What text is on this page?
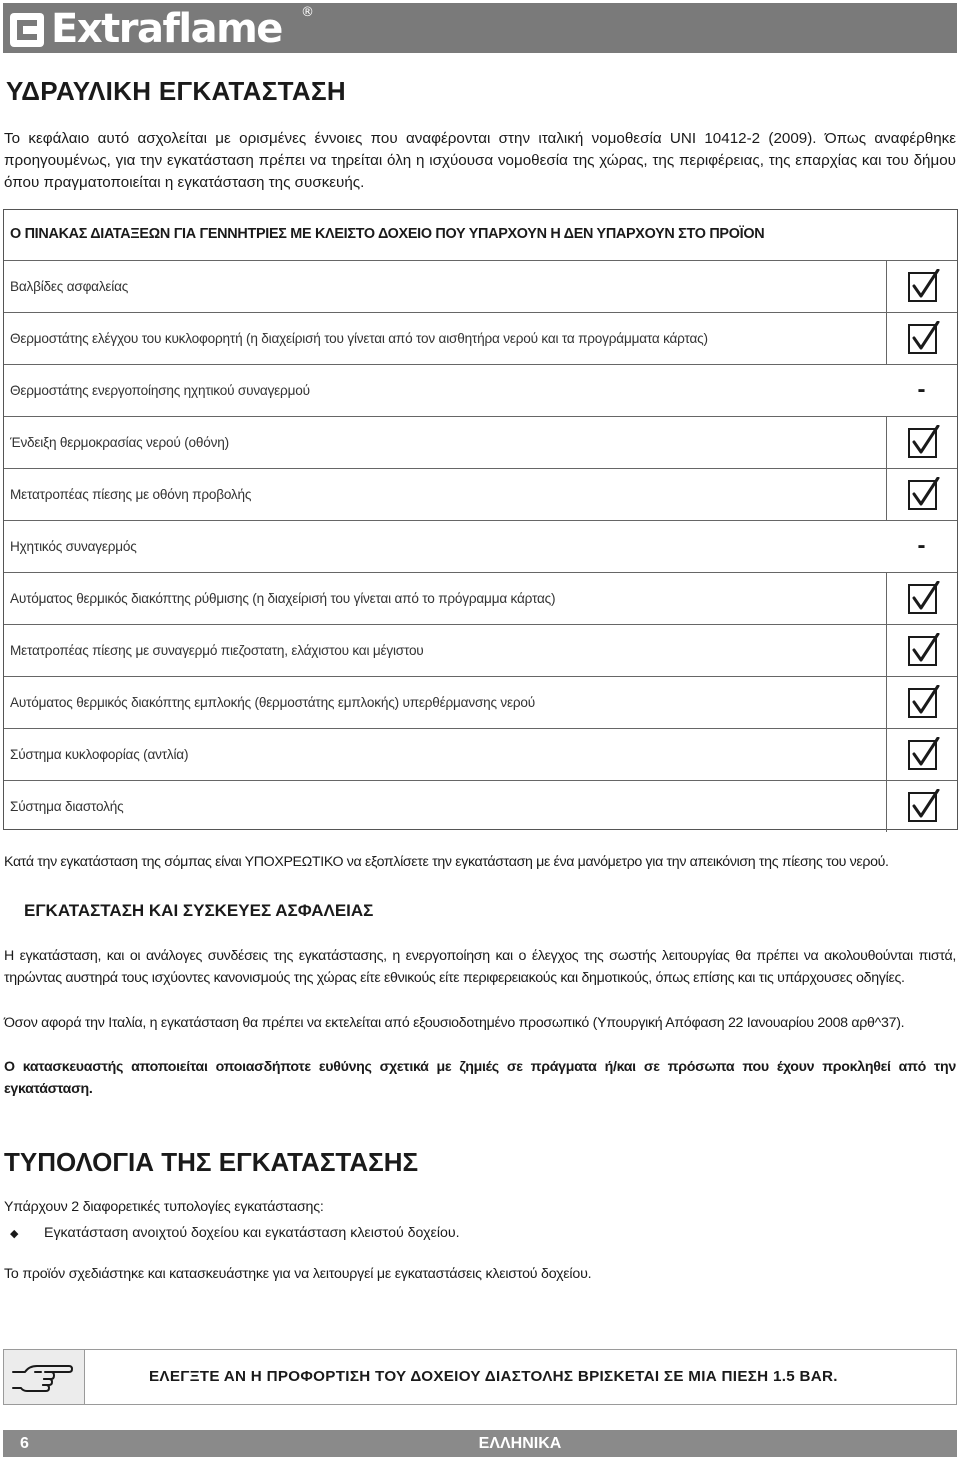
Extraflame ®
ΥΔΡΑΥΛΙΚΗ ΕΓΚΑΤΑΣΤΑΣΗ

Το κεφάλαιο αυτό ασχολείται με ορισμένες έννοιες που αναφέρονται στην ιταλική νομοθεσία UNI 10412-2 (2009). Όπως αναφέρθηκε προηγουμένως, για την εγκατάσταση πρέπει να τηρείται όλη η ισχύουσα νομοθεσία της χώρας, της περιφέρειας, της επαρχίας και του δήμου όπου πραγματοποιείται η εγκατάσταση της συσκευής.

Ο ΠΙΝΑΚΑΣ ΔΙΑΤΑΞΕΩΝ ΓΙΑ ΓΕΝΝΗΤΡΙΕΣ ΜΕ ΚΛΕΙΣΤΟ ΔΟΧΕΙΟ ΠΟΥ ΥΠΑΡΧΟΥΝ Η ΔΕΝ ΥΠΑΡΧΟΥΝ ΣΤΟ ΠΡΟΪΟΝ
Βαλβίδες ασφαλείας
Θερμοστάτης ελέγχου του κυκλοφορητή (η διαχείρισή του γίνεται από τον αισθητήρα νερού και τα προγράμματα κάρτας)
Θερμοστάτης ενεργοποίησης ηχητικού συναγερμού	-
Ένδειξη θερμοκρασίας νερού (οθόνη)
Μετατροπέας πίεσης με οθόνη προβολής
Ηχητικός συναγερμός	-
Αυτόματος θερμικός διακόπτης ρύθμισης (η διαχείρισή του γίνεται από το πρόγραμμα κάρτας)
Μετατροπέας πίεσης με συναγερμό πιεζοστατη, ελάχιστου και μέγιστου
Αυτόματος θερμικός διακόπτης εμπλοκής (θερμοστάτης εμπλοκής) υπερθέρμανσης νερού
Σύστημα κυκλοφορίας (αντλία)
Σύστημα διαστολής

Κατά την εγκατάσταση της σόμπας είναι ΥΠΟΧΡΕΩΤΙΚΟ να εξοπλίσετε την εγκατάσταση με ένα μανόμετρο για την απεικόνιση της πίεσης του νερού.

ΕΓΚΑΤΑΣΤΑΣΗ ΚΑΙ ΣΥΣΚΕΥΕΣ ΑΣΦΑΛΕΙΑΣ

Η εγκατάσταση, και οι ανάλογες συνδέσεις της εγκατάστασης, η ενεργοποίηση και ο έλεγχος της σωστής λειτουργίας θα πρέπει να ακολουθούνται πιστά, τηρώντας αυστηρά τους ισχύοντες κανονισμούς της χώρας είτε εθνικούς είτε περιφερειακούς και δημοτικούς, όπως επίσης και τις υπάρχουσες οδηγίες.

Όσον αφορά την Ιταλία, η εγκατάσταση θα πρέπει να εκτελείται από εξουσιοδοτημένο προσωπικό (Υπουργική Απόφαση 22 Ιανουαρίου 2008 αρθ^37).

Ο κατασκευαστής αποποιείται οποιασδήποτε ευθύνης σχετικά με ζημιές σε πράγματα ή/και σε πρόσωπα που έχουν προκληθεί από την εγκατάσταση.

ΤΥΠΟΛΟΓΙΑ ΤΗΣ ΕΓΚΑΤΑΣΤΑΣΗΣ

Υπάρχουν 2 διαφορετικές τυπολογίες εγκατάστασης:

◆	Εγκατάσταση ανοιχτού δοχείου και εγκατάσταση κλειστού δοχείου.

Το προϊόν σχεδιάστηκε και κατασκευάστηκε για να λειτουργεί με εγκαταστάσεις κλειστού δοχείου.

ΕΛΕΓΞΤΕ ΑΝ Η ΠΡΟΦΟΡΤΙΣΗ ΤΟΥ ΔΟΧΕΙΟΥ ΔΙΑΣΤΟΛΗΣ ΒΡΙΣΚΕΤΑΙ ΣΕ ΜΙΑ ΠΙΕΣΗ 1.5 BAR.
6	ΕΛΛΗΝΙΚΑ
